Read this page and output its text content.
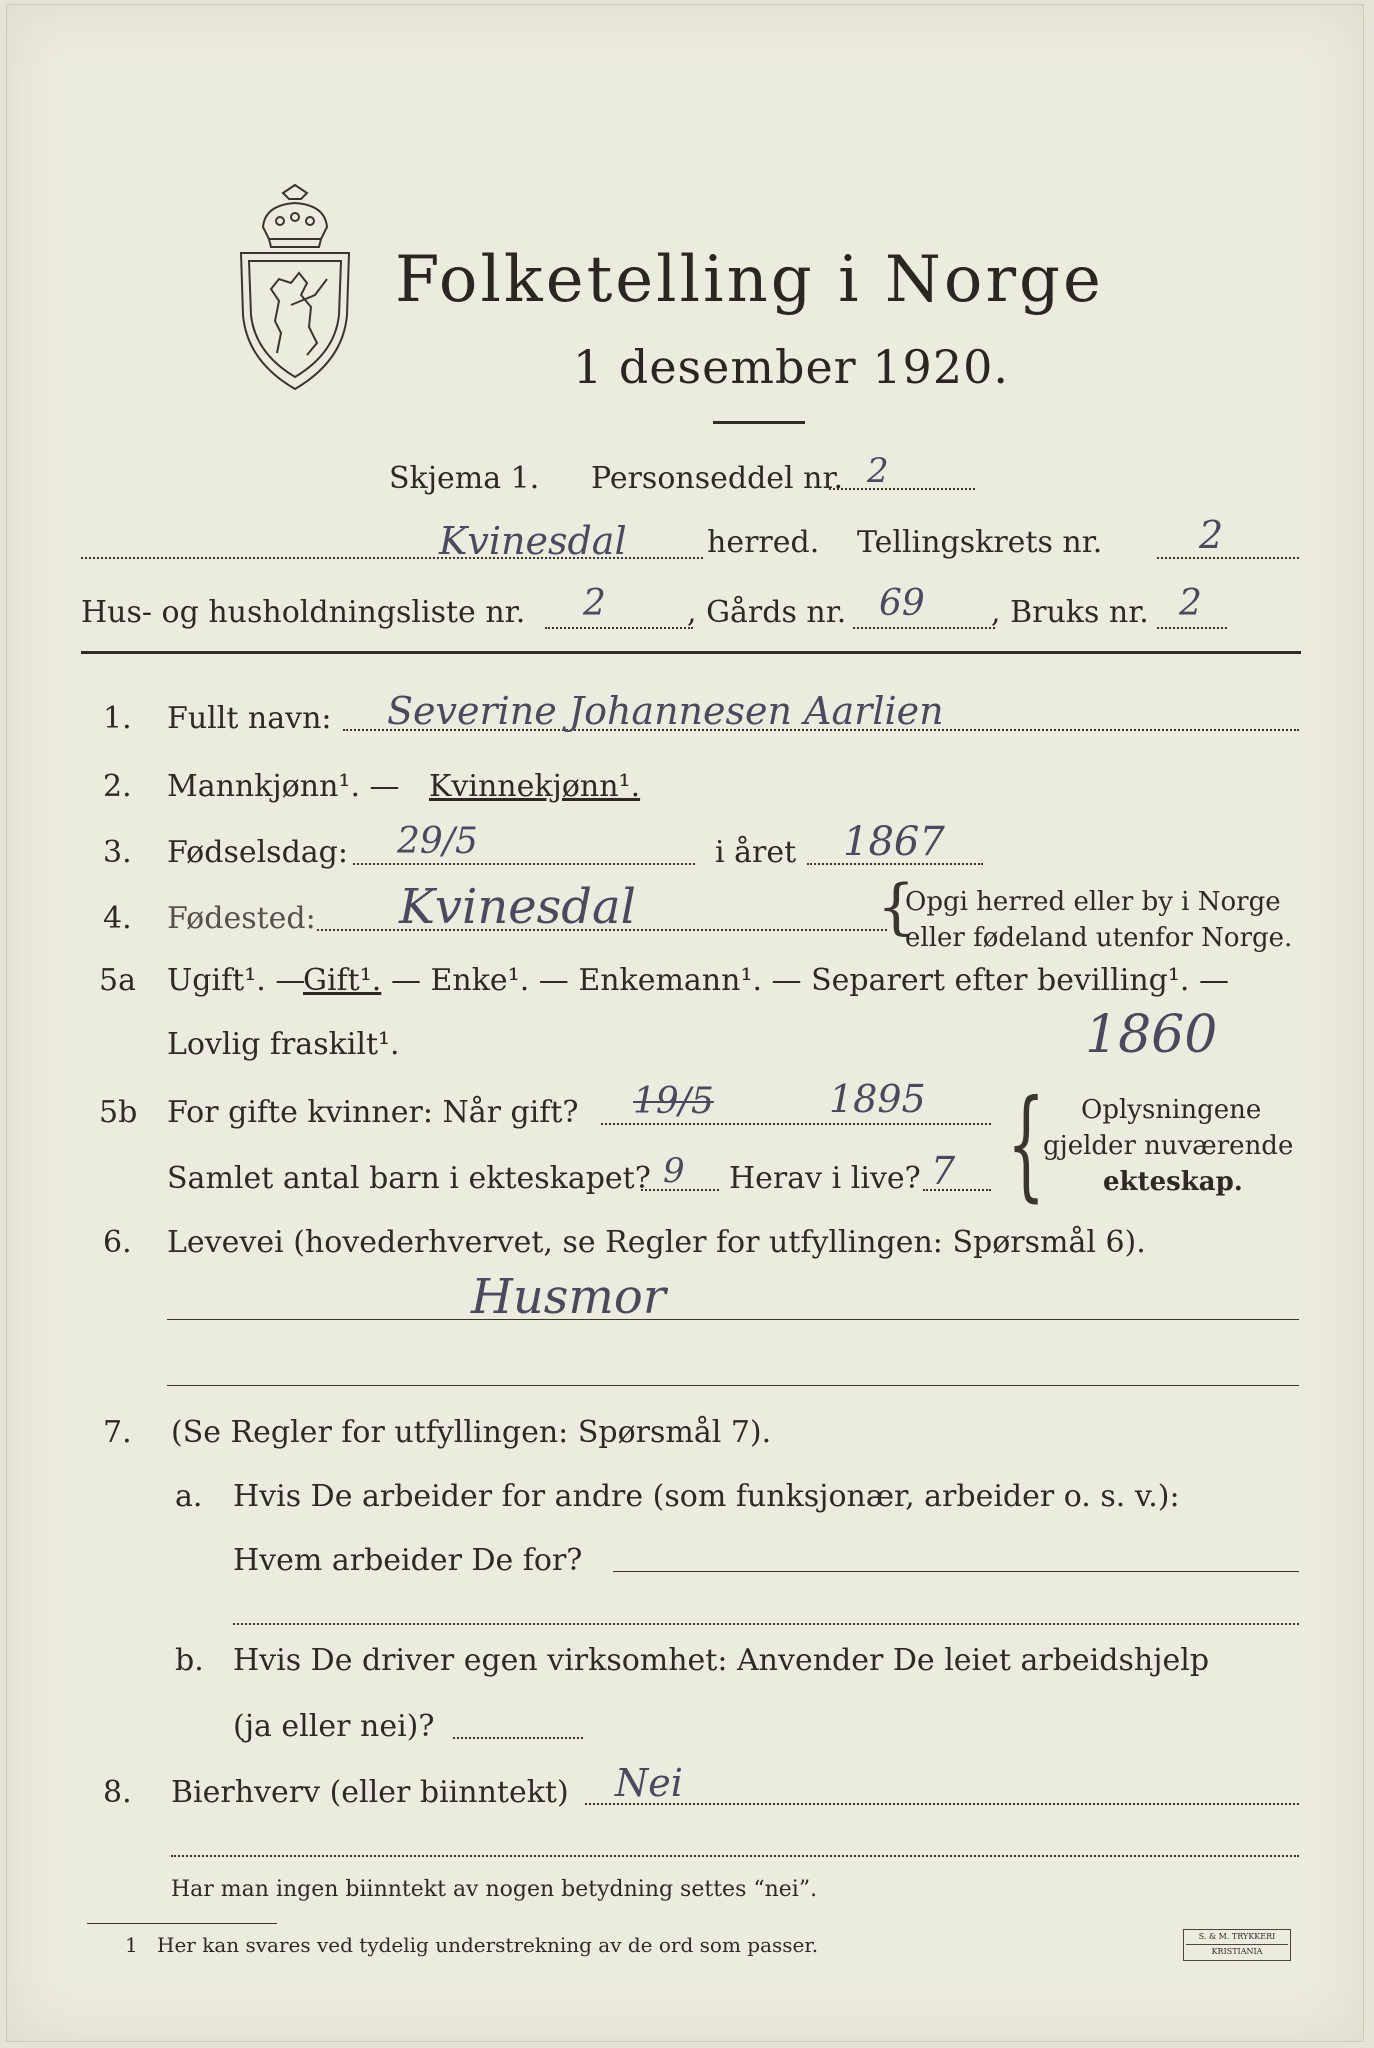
Folketelling i Norge
1 desember 1920.
Skjema 1. Personseddel nr. 2
Kvinesdal	herred. Tellingskrets nr.	2
Hus- og husholdningsliste nr. 2	, Gårds nr. 69 , Bruks nr. 2
1. Fullt navn: Severine Johannesen Aarlien
2. Mannkjønn¹. — Kvinnekjønn¹.
3. Fødselsdag: 29/5	i året 1867
4. Fødested: Kvinesdal	{
Opgi herred eller by i Norge
eller fødeland utenfor Norge.
5a Ugift¹. —
Gift¹. — Enke¹. — Enkemann¹. — Separert efter bevilling¹. —
Lovlig fraskilt¹.	1860
5b For gifte kvinner: Når gift? 19/5	1895
Samlet antal barn i ekteskapet? 9 Herav i live? 7 { Oplysningene
gjelder nuværende
ekteskap.
6. Levevei (hovederhvervet, se Regler for utfyllingen: Spørsmål 6).
Husmor
7. (Se Regler for utfyllingen: Spørsmål 7).
a. Hvis De arbeider for andre (som funksjonær, arbeider o. s. v.):
Hvem arbeider De for?
b. Hvis De driver egen virksomhet: Anvender De leiet arbeidshjelp
(ja eller nei)?
8. Bierhverv (eller biinntekt) Nei
Har man ingen biinntekt av nogen betydning settes “nei”.
1 Her kan svares ved tydelig understrekning av de ord som passer.	S. & M. TRYKKERI
KRISTIANIA
